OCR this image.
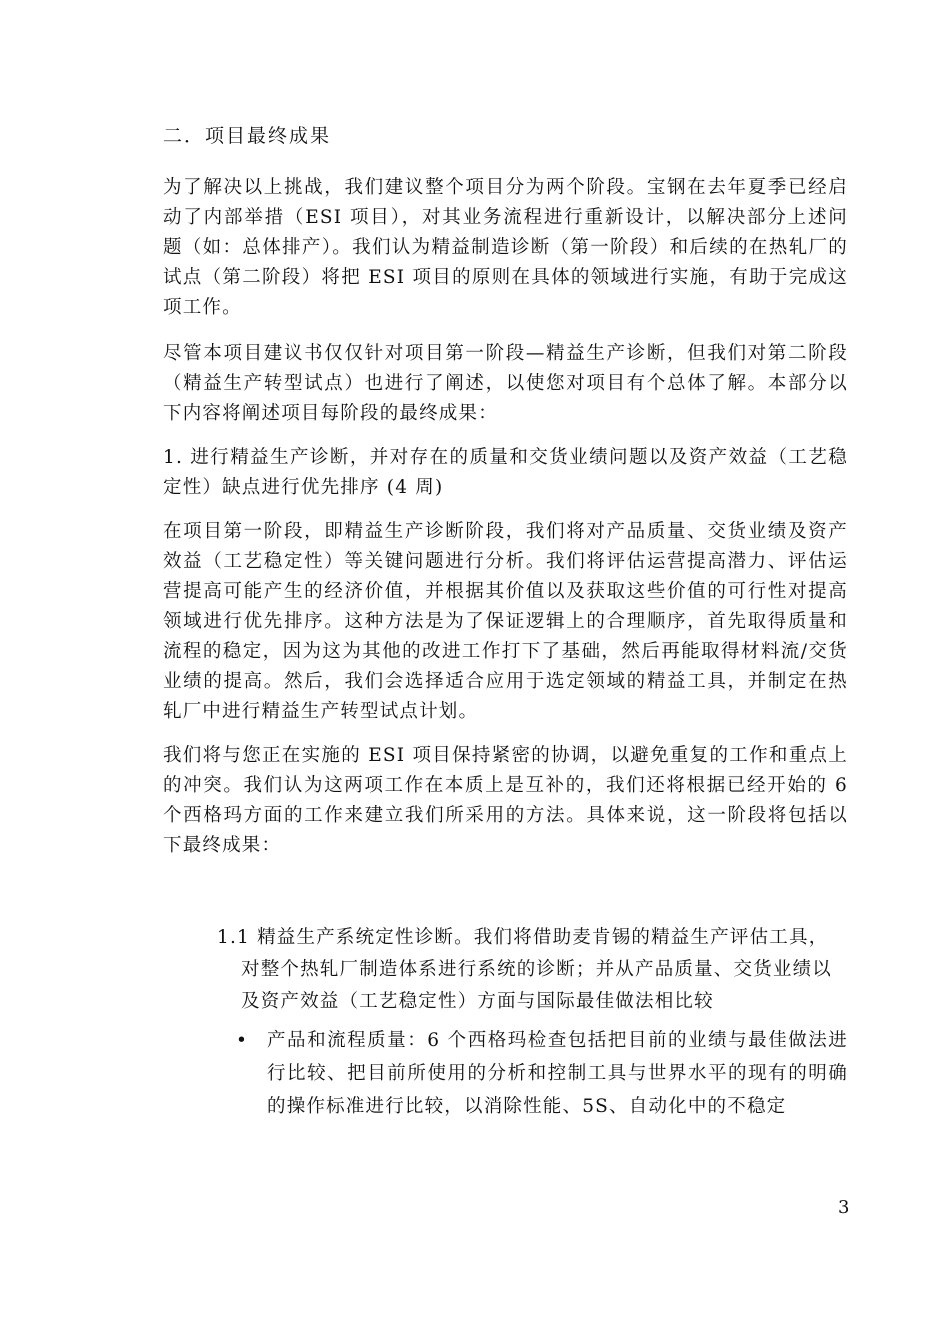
二．项目最终成果

为了解决以上挑战，我们建议整个项目分为两个阶段。宝钢在去年夏季已经启动了内部举措（ESI 项目），对其业务流程进行重新设计，以解决部分上述问题（如：总体排产）。我们认为精益制造诊断（第一阶段）和后续的在热轧厂的试点（第二阶段）将把 ESI 项目的原则在具体的领域进行实施，有助于完成这项工作。

尽管本项目建议书仅仅针对项目第一阶段—精益生产诊断，但我们对第二阶段（精益生产转型试点）也进行了阐述，以使您对项目有个总体了解。本部分以下内容将阐述项目每阶段的最终成果：

1. 进行精益生产诊断，并对存在的质量和交货业绩问题以及资产效益（工艺稳定性）缺点进行优先排序 (4 周)

在项目第一阶段，即精益生产诊断阶段，我们将对产品质量、交货业绩及资产效益（工艺稳定性）等关键问题进行分析。我们将评估运营提高潜力、评估运营提高可能产生的经济价值，并根据其价值以及获取这些价值的可行性对提高领域进行优先排序。这种方法是为了保证逻辑上的合理顺序，首先取得质量和流程的稳定，因为这为其他的改进工作打下了基础，然后再能取得材料流/交货业绩的提高。然后，我们会选择适合应用于选定领域的精益工具，并制定在热轧厂中进行精益生产转型试点计划。

我们将与您正在实施的 ESI 项目保持紧密的协调，以避免重复的工作和重点上的冲突。我们认为这两项工作在本质上是互补的，我们还将根据已经开始的 6 个西格玛方面的工作来建立我们所采用的方法。具体来说，这一阶段将包括以下最终成果：

1.1 精益生产系统定性诊断。我们将借助麦肯锡的精益生产评估工具，对整个热轧厂制造体系进行系统的诊断；并从产品质量、交货业绩以及资产效益（工艺稳定性）方面与国际最佳做法相比较

•	产品和流程质量：6 个西格玛检查包括把目前的业绩与最佳做法进行比较、把目前所使用的分析和控制工具与世界水平的现有的明确的操作标准进行比较，以消除性能、5S、自动化中的不稳定
3
